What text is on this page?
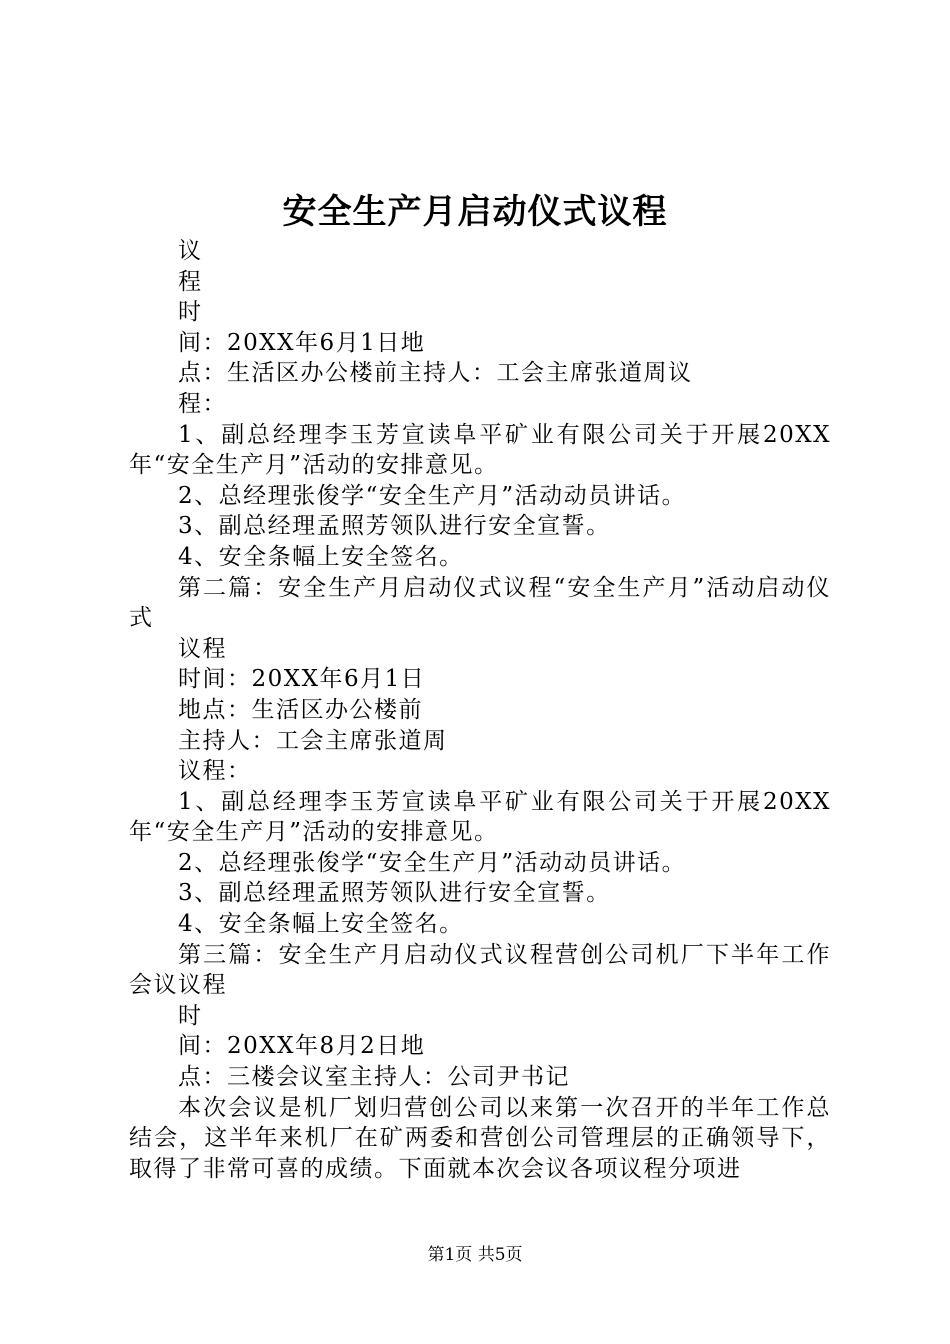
安全生产月启动仪式议程

议

程

时

间：20XX年6月1日地

点：生活区办公楼前主持人：工会主席张道周议

程：

1、副总经理李玉芳宣读阜平矿业有限公司关于开展20XX年“安全生产月”活动的安排意见。

2、总经理张俊学“安全生产月”活动动员讲话。

3、副总经理孟照芳领队进行安全宣誓。

4、安全条幅上安全签名。

第二篇：安全生产月启动仪式议程“安全生产月”活动启动仪式

议程

时间：20XX年6月1日

地点：生活区办公楼前

主持人：工会主席张道周

议程：

1、副总经理李玉芳宣读阜平矿业有限公司关于开展20XX年“安全生产月”活动的安排意见。

2、总经理张俊学“安全生产月”活动动员讲话。

3、副总经理孟照芳领队进行安全宣誓。

4、安全条幅上安全签名。

第三篇：安全生产月启动仪式议程营创公司机厂下半年工作会议议程

时

间：20XX年8月2日地

点：三楼会议室主持人：公司尹书记

本次会议是机厂划归营创公司以来第一次召开的半年工作总结会，这半年来机厂在矿两委和营创公司管理层的正确领导下，取得了非常可喜的成绩。下面就本次会议各项议程分项进

第1页 共5页
